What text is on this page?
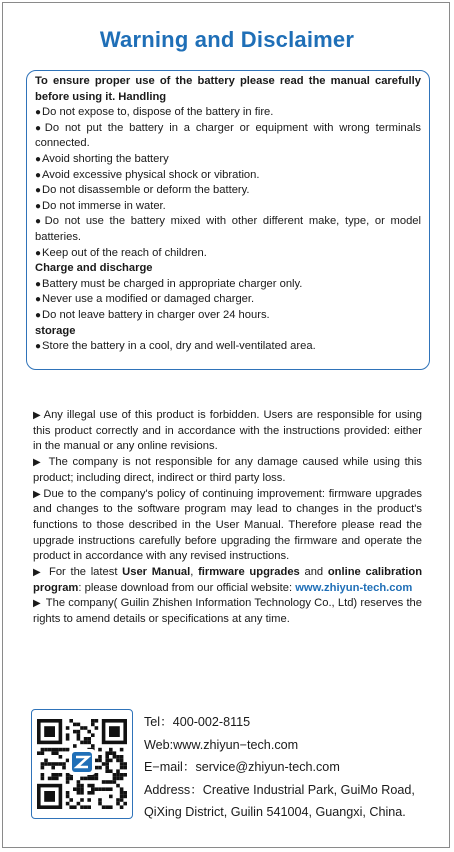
Warning and Disclaimer

To ensure proper use of the battery please read the manual carefully before using it. Handling

●Do not expose to, dispose of the battery in fire.

●Do not put the battery in a charger or equipment with wrong terminals connected.

●Avoid shorting the battery

●Avoid excessive physical shock or vibration.

●Do not disassemble or deform the battery.

●Do not immerse in water.

●Do not use the battery mixed with other different make, type, or model batteries.

●Keep out of the reach of children.

Charge and discharge

●Battery must be charged in appropriate charger only.

●Never use a modified or damaged charger.

●Do not leave battery in charger over 24 hours.

storage

●Store the battery in a cool, dry and well-ventilated area.

▶ Any illegal use of this product is forbidden. Users are responsible for using this product correctly and in accordance with the instructions provided: either in the manual or any online revisions.

▶ The company is not responsible for any damage caused while using this product; including direct, indirect or third party loss.

▶ Due to the company's policy of continuing improvement: firmware upgrades and changes to the software program may lead to changes in the product's functions to those described in the User Manual. Therefore please read the upgrade instructions carefully before upgrading the firmware and operate the product in accordance with any revised instructions.

▶ For the latest User Manual, firmware upgrades and online calibration program: please download from our official website: www.zhiyun-tech.com

▶ The company( Guilin Zhishen Information Technology Co., Ltd) reserves the rights to amend details or specifications at any time.

Tel：400-002-8115
Web:www.zhiyun−tech.com
E−mail：service@zhiyun-tech.com
Address：Creative Industrial Park, GuiMo Road,
QiXing District, Guilin 541004, Guangxi, China.
